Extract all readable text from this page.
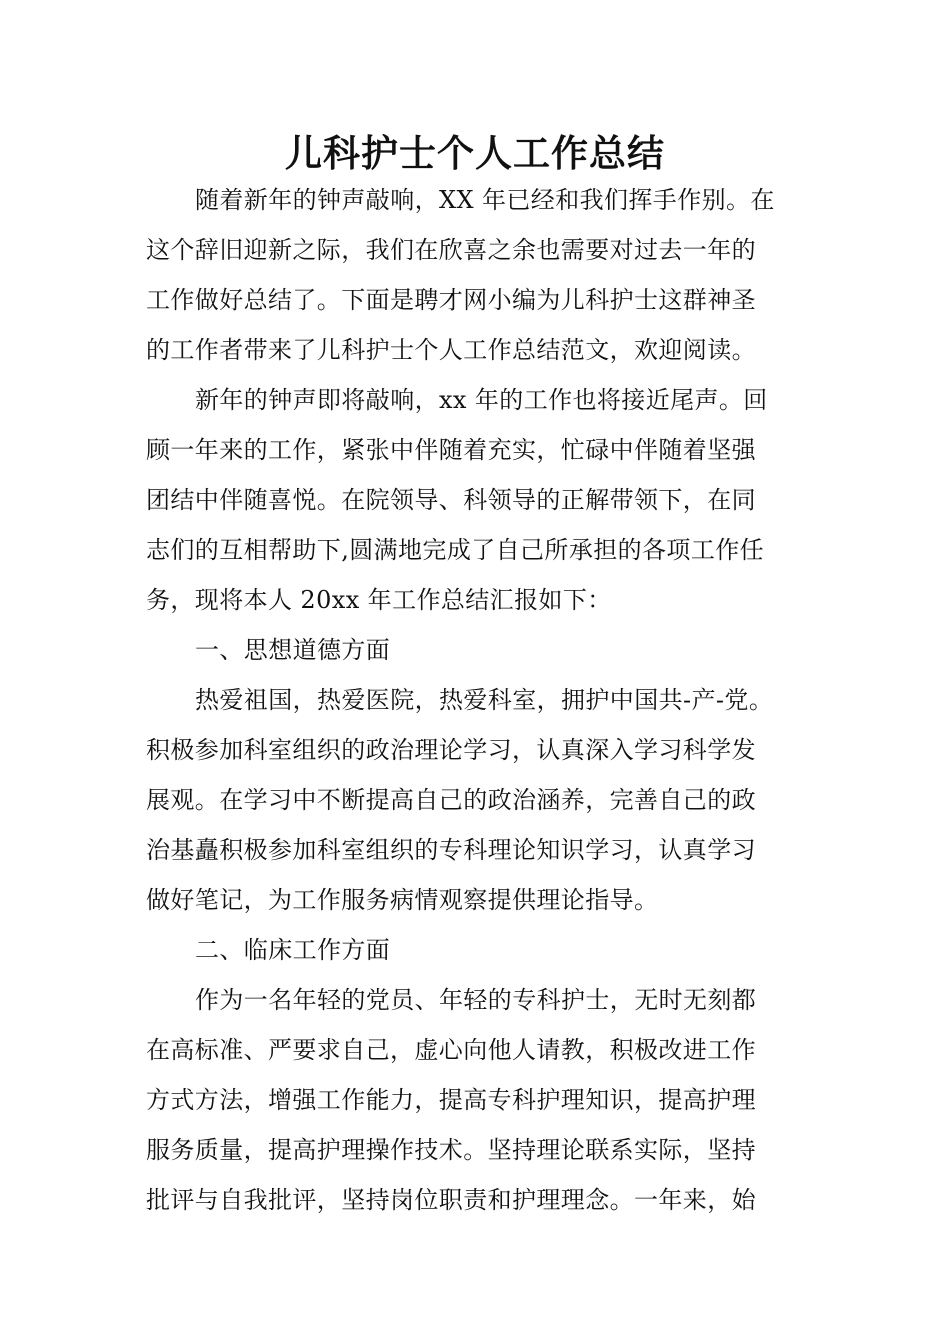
儿科护士个人工作总结
随着新年的钟声敲响，XX 年已经和我们挥手作别。在
这个辞旧迎新之际，我们在欣喜之余也需要对过去一年的
工作做好总结了。下面是聘才网小编为儿科护士这群神圣
的工作者带来了儿科护士个人工作总结范文，欢迎阅读。
新年的钟声即将敲响，xx 年的工作也将接近尾声。回
顾一年来的工作，紧张中伴随着充实，忙碌中伴随着坚强
团结中伴随喜悦。在院领导、科领导的正解带领下，在同
志们的互相帮助下,圆满地完成了自己所承担的各项工作任
务，现将本人 20xx 年工作总结汇报如下：
一、思想道德方面
热爱祖国，热爱医院，热爱科室，拥护中国共-产-党。
积极参加科室组织的政治理论学习，认真深入学习科学发
展观。在学习中不断提高自己的政治涵养，完善自己的政
治基矗积极参加科室组织的专科理论知识学习，认真学习
做好笔记，为工作服务病情观察提供理论指导。
二、临床工作方面
作为一名年轻的党员、年轻的专科护士，无时无刻都
在高标准、严要求自己，虚心向他人请教，积极改进工作
方式方法，增强工作能力，提高专科护理知识，提高护理
服务质量，提高护理操作技术。坚持理论联系实际，坚持
批评与自我批评，坚持岗位职责和护理理念。一年来，始
